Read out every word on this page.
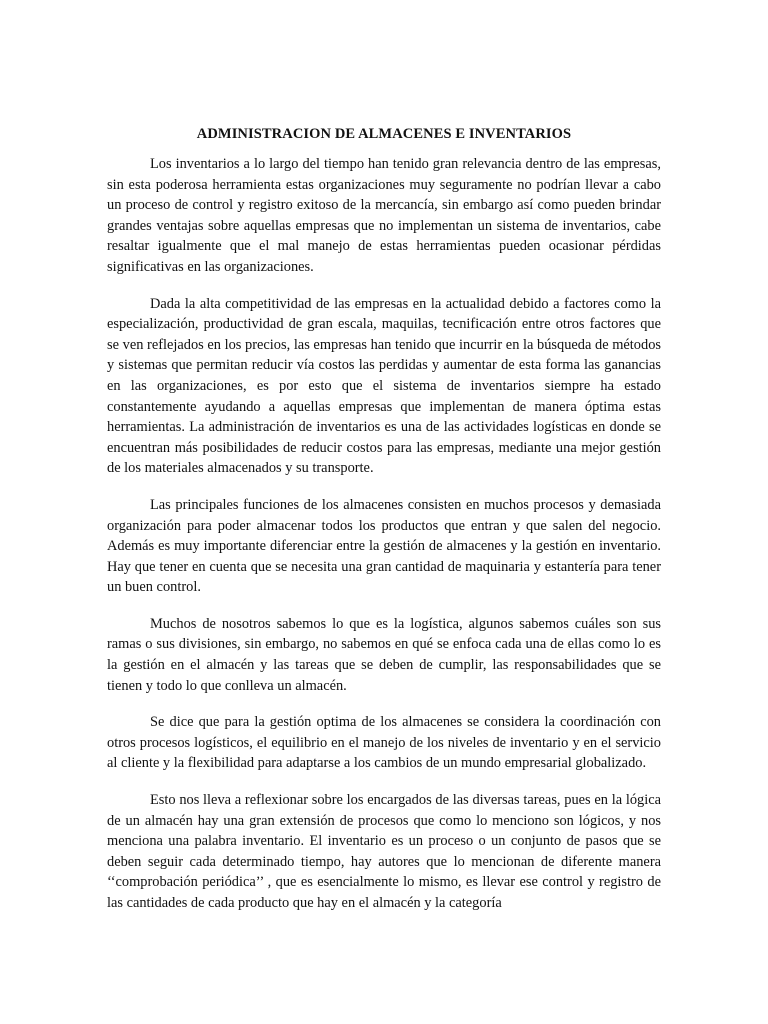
ADMINISTRACION DE ALMACENES E INVENTARIOS

Los inventarios a lo largo del tiempo han tenido gran relevancia dentro de las empresas, sin esta poderosa herramienta estas organizaciones muy seguramente no podrían llevar a cabo un proceso de control y registro exitoso de la mercancía, sin embargo así como pueden brindar grandes ventajas sobre aquellas empresas que no implementan un sistema de inventarios, cabe resaltar igualmente que el mal manejo de estas herramientas pueden ocasionar pérdidas significativas en las organizaciones.

Dada la alta competitividad de las empresas en la actualidad debido a factores como la especialización, productividad de gran escala, maquilas, tecnificación entre otros factores que se ven reflejados en los precios, las empresas han tenido que incurrir en la búsqueda de métodos y sistemas que permitan reducir vía costos las perdidas y aumentar de esta forma las ganancias en las organizaciones, es por esto que el sistema de inventarios siempre ha estado constantemente ayudando a aquellas empresas que implementan de manera óptima estas herramientas. La administración de inventarios es una de las actividades logísticas en donde se encuentran más posibilidades de reducir costos para las empresas, mediante una mejor gestión de los materiales almacenados y su transporte.

Las principales funciones de los almacenes consisten en muchos procesos y demasiada organización para poder almacenar todos los productos que entran y que salen del negocio. Además es muy importante diferenciar entre la gestión de almacenes y la gestión en inventario. Hay que tener en cuenta que se necesita una gran cantidad de maquinaria y estantería para tener un buen control.

Muchos de nosotros sabemos lo que es la logística, algunos sabemos cuáles son sus ramas o sus divisiones, sin embargo, no sabemos en qué se enfoca cada una de ellas como lo es la gestión en el almacén y las tareas que se deben de cumplir, las responsabilidades que se tienen y todo lo que conlleva un almacén.

Se dice que para la gestión optima de los almacenes se considera la coordinación con otros procesos logísticos, el equilibrio en el manejo de los niveles de inventario y en el servicio al cliente y la flexibilidad para adaptarse a los cambios de un mundo empresarial globalizado.

Esto nos lleva a reflexionar sobre los encargados de las diversas tareas, pues en la lógica de un almacén hay una gran extensión de procesos que como lo menciono son lógicos, y nos menciona una palabra inventario. El inventario es un proceso o un conjunto de pasos que se deben seguir cada determinado tiempo, hay autores que lo mencionan de diferente manera ‘‘comprobación periódica’’ , que es esencialmente lo mismo, es llevar ese control y registro de las cantidades de cada producto que hay en el almacén y la categoría
